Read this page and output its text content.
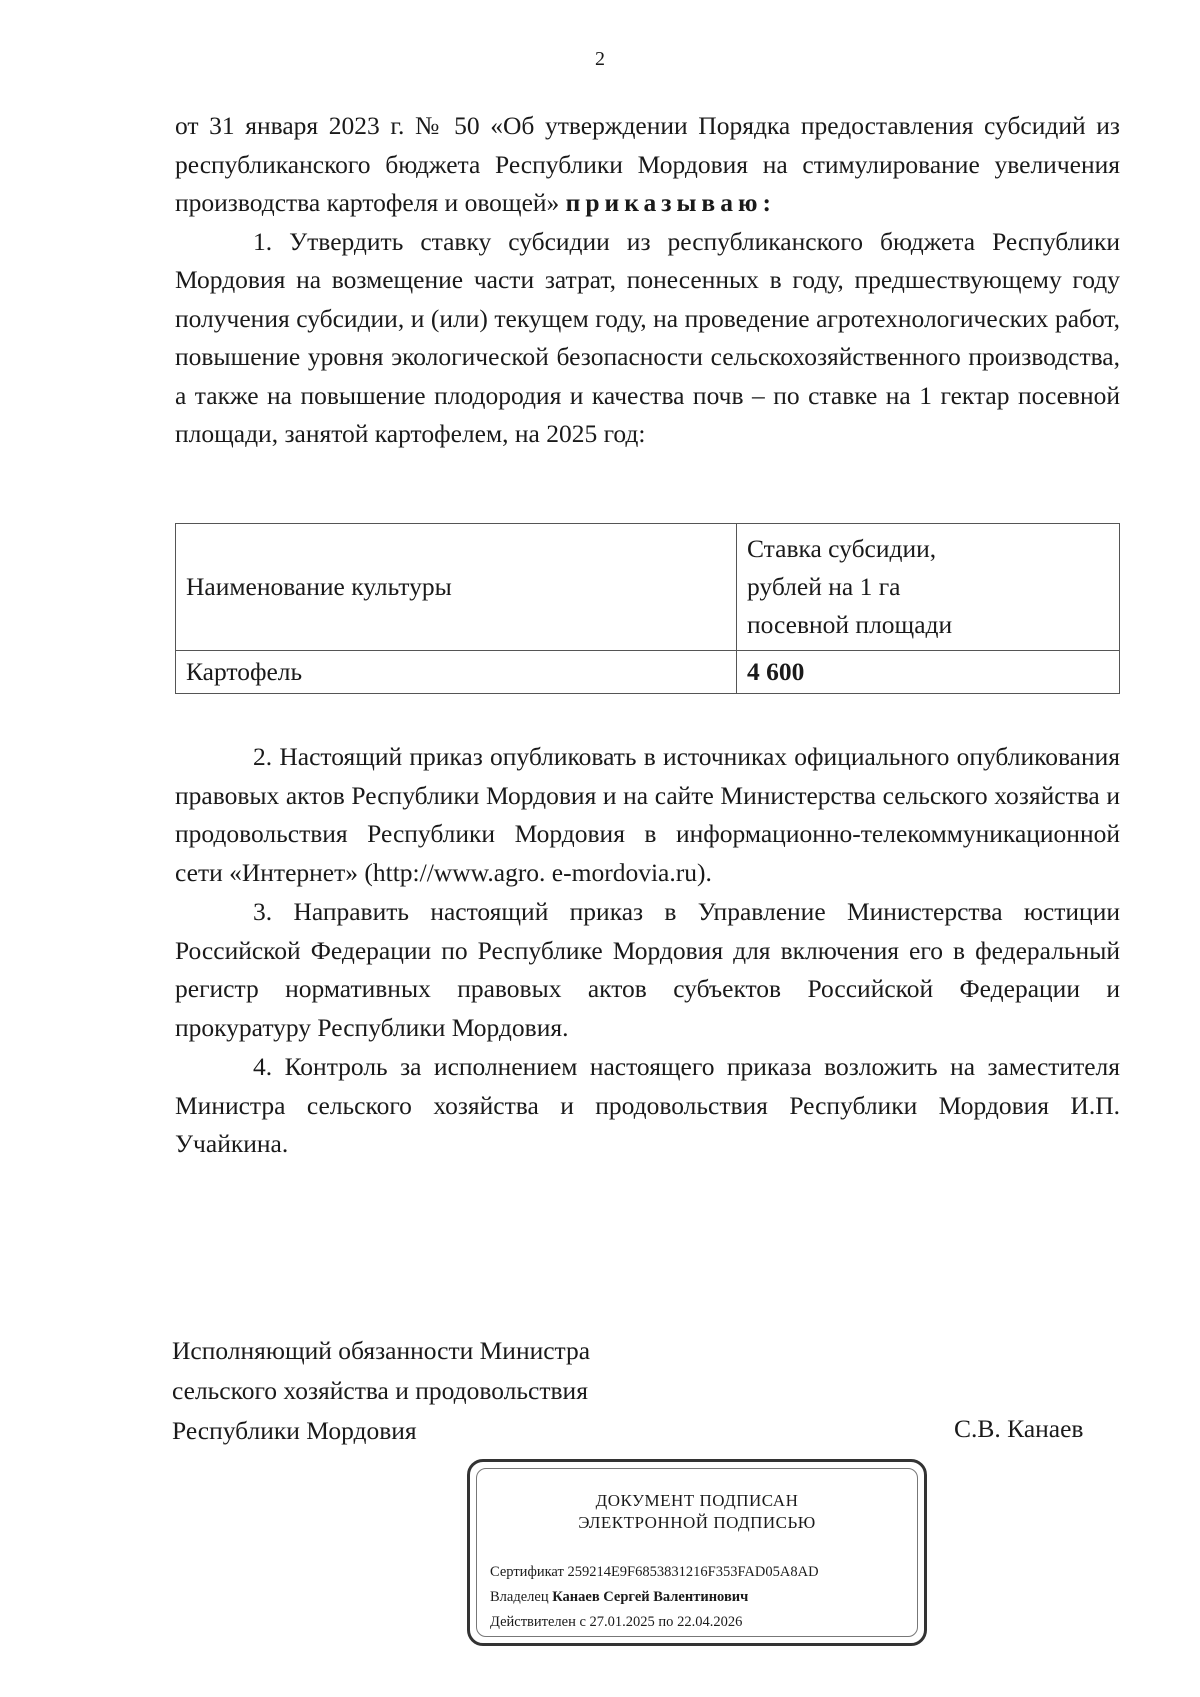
2

от 31 января 2023 г. № 50 «Об утверждении Порядка предоставления субсидий из республиканского бюджета Республики Мордовия на стимулирование увеличения производства картофеля и овощей» приказываю:

1. Утвердить ставку субсидии из республиканского бюджета Республики Мордовия на возмещение части затрат, понесенных в году, предшествующему году получения субсидии, и (или) текущем году, на проведение агротехнологических работ, повышение уровня экологической безопасности сельскохозяйственного производства, а также на повышение плодородия и качества почв – по ставке на 1 гектар посевной площади, занятой картофелем, на 2025 год:

Наименование культуры	Ставка субсидии,
рублей на 1 га
посевной площади

Картофель	4 600

2. Настоящий приказ опубликовать в источниках официального опубликования правовых актов Республики Мордовия и на сайте Министерства сельского хозяйства и продовольствия Республики Мордовия в информационно-телекоммуникационной сети «Интернет» (http://www.agro. e-mordovia.ru).

3. Направить настоящий приказ в Управление Министерства юстиции Российской Федерации по Республике Мордовия для включения его в федеральный регистр нормативных правовых актов субъектов Российской Федерации и прокуратуру Республики Мордовия.

4. Контроль за исполнением настоящего приказа возложить на заместителя Министра сельского хозяйства и продовольствия Республики Мордовия И.П. Учайкина.

Исполняющий обязанности Министра
сельского хозяйства и продовольствия
Республики Мордовия	С.В. Канаев
ДОКУМЕНТ ПОДПИСАН
ЭЛЕКТРОННОЙ ПОДПИСЬЮ
Сертификат 259214E9F6853831216F353FAD05A8AD
Владелец Канаев Сергей Валентинович
Действителен с 27.01.2025 по 22.04.2026
